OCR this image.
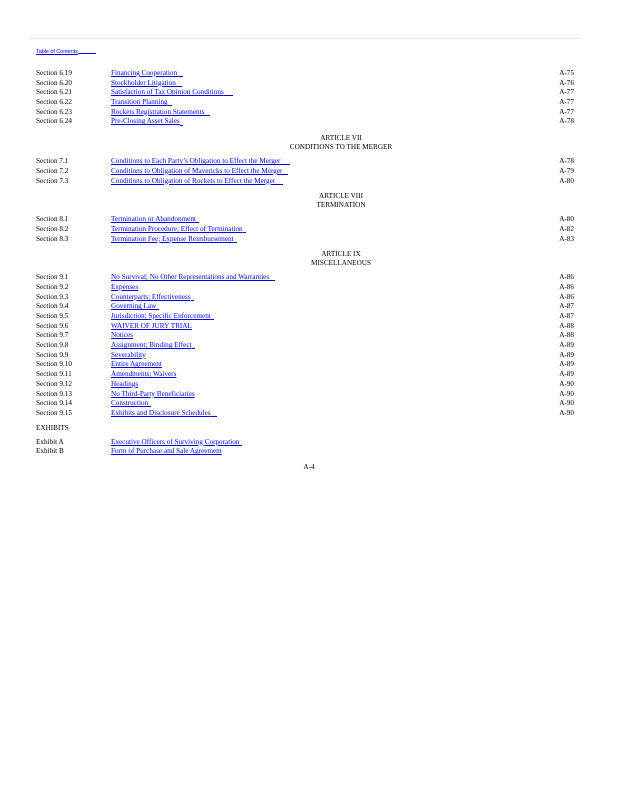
Table of Contents
Section 6.19	Financing Cooperation	A-75
Section 6.20	Stockholder Litigation	A-76
Section 6.21	Satisfaction of Tax Opinion Conditions	A-77
Section 6.22	Transition Planning	A-77
Section 6.23	Rockets Registration Statements	A-77
Section 6.24	Pre-Closing Asset Sales	A-78
ARTICLE VII
CONDITIONS TO THE MERGER
Section 7.1	Conditions to Each Party’s Obligation to Effect the Merger	A-78
Section 7.2	Conditions to Obligation of Mavericks to Effect the Merger	A-79
Section 7.3	Conditions to Obligation of Rockets to Effect the Merger	A-80
ARTICLE VIII
TERMINATION
Section 8.1	Termination or Abandonment	A-80
Section 8.2	Termination Procedure; Effect of Termination	A-82
Section 8.3	Termination Fee; Expense Reimbursement	A-83
ARTICLE IX
MISCELLANEOUS
Section 9.1	No Survival; No Other Representations and Warranties	A-86
Section 9.2	Expenses	A-86
Section 9.3	Counterparts; Effectiveness	A-86
Section 9.4	Governing Law	A-87
Section 9.5	Jurisdiction; Specific Enforcement	A-87
Section 9.6	WAIVER OF JURY TRIAL	A-88
Section 9.7	Notices	A-88
Section 9.8	Assignment; Binding Effect	A-89
Section 9.9	Severability	A-89
Section 9.10	Entire Agreement	A-89
Section 9.11	Amendments; Waivers	A-89
Section 9.12	Headings	A-90
Section 9.13	No Third-Party Beneficiaries	A-90
Section 9.14	Construction	A-90
Section 9.15	Exhibits and Disclosure Schedules	A-90
EXHIBITS
Exhibit A	Executive Officers of Surviving Corporation
Exhibit B	Form of Purchase and Sale Agreement
A-4
